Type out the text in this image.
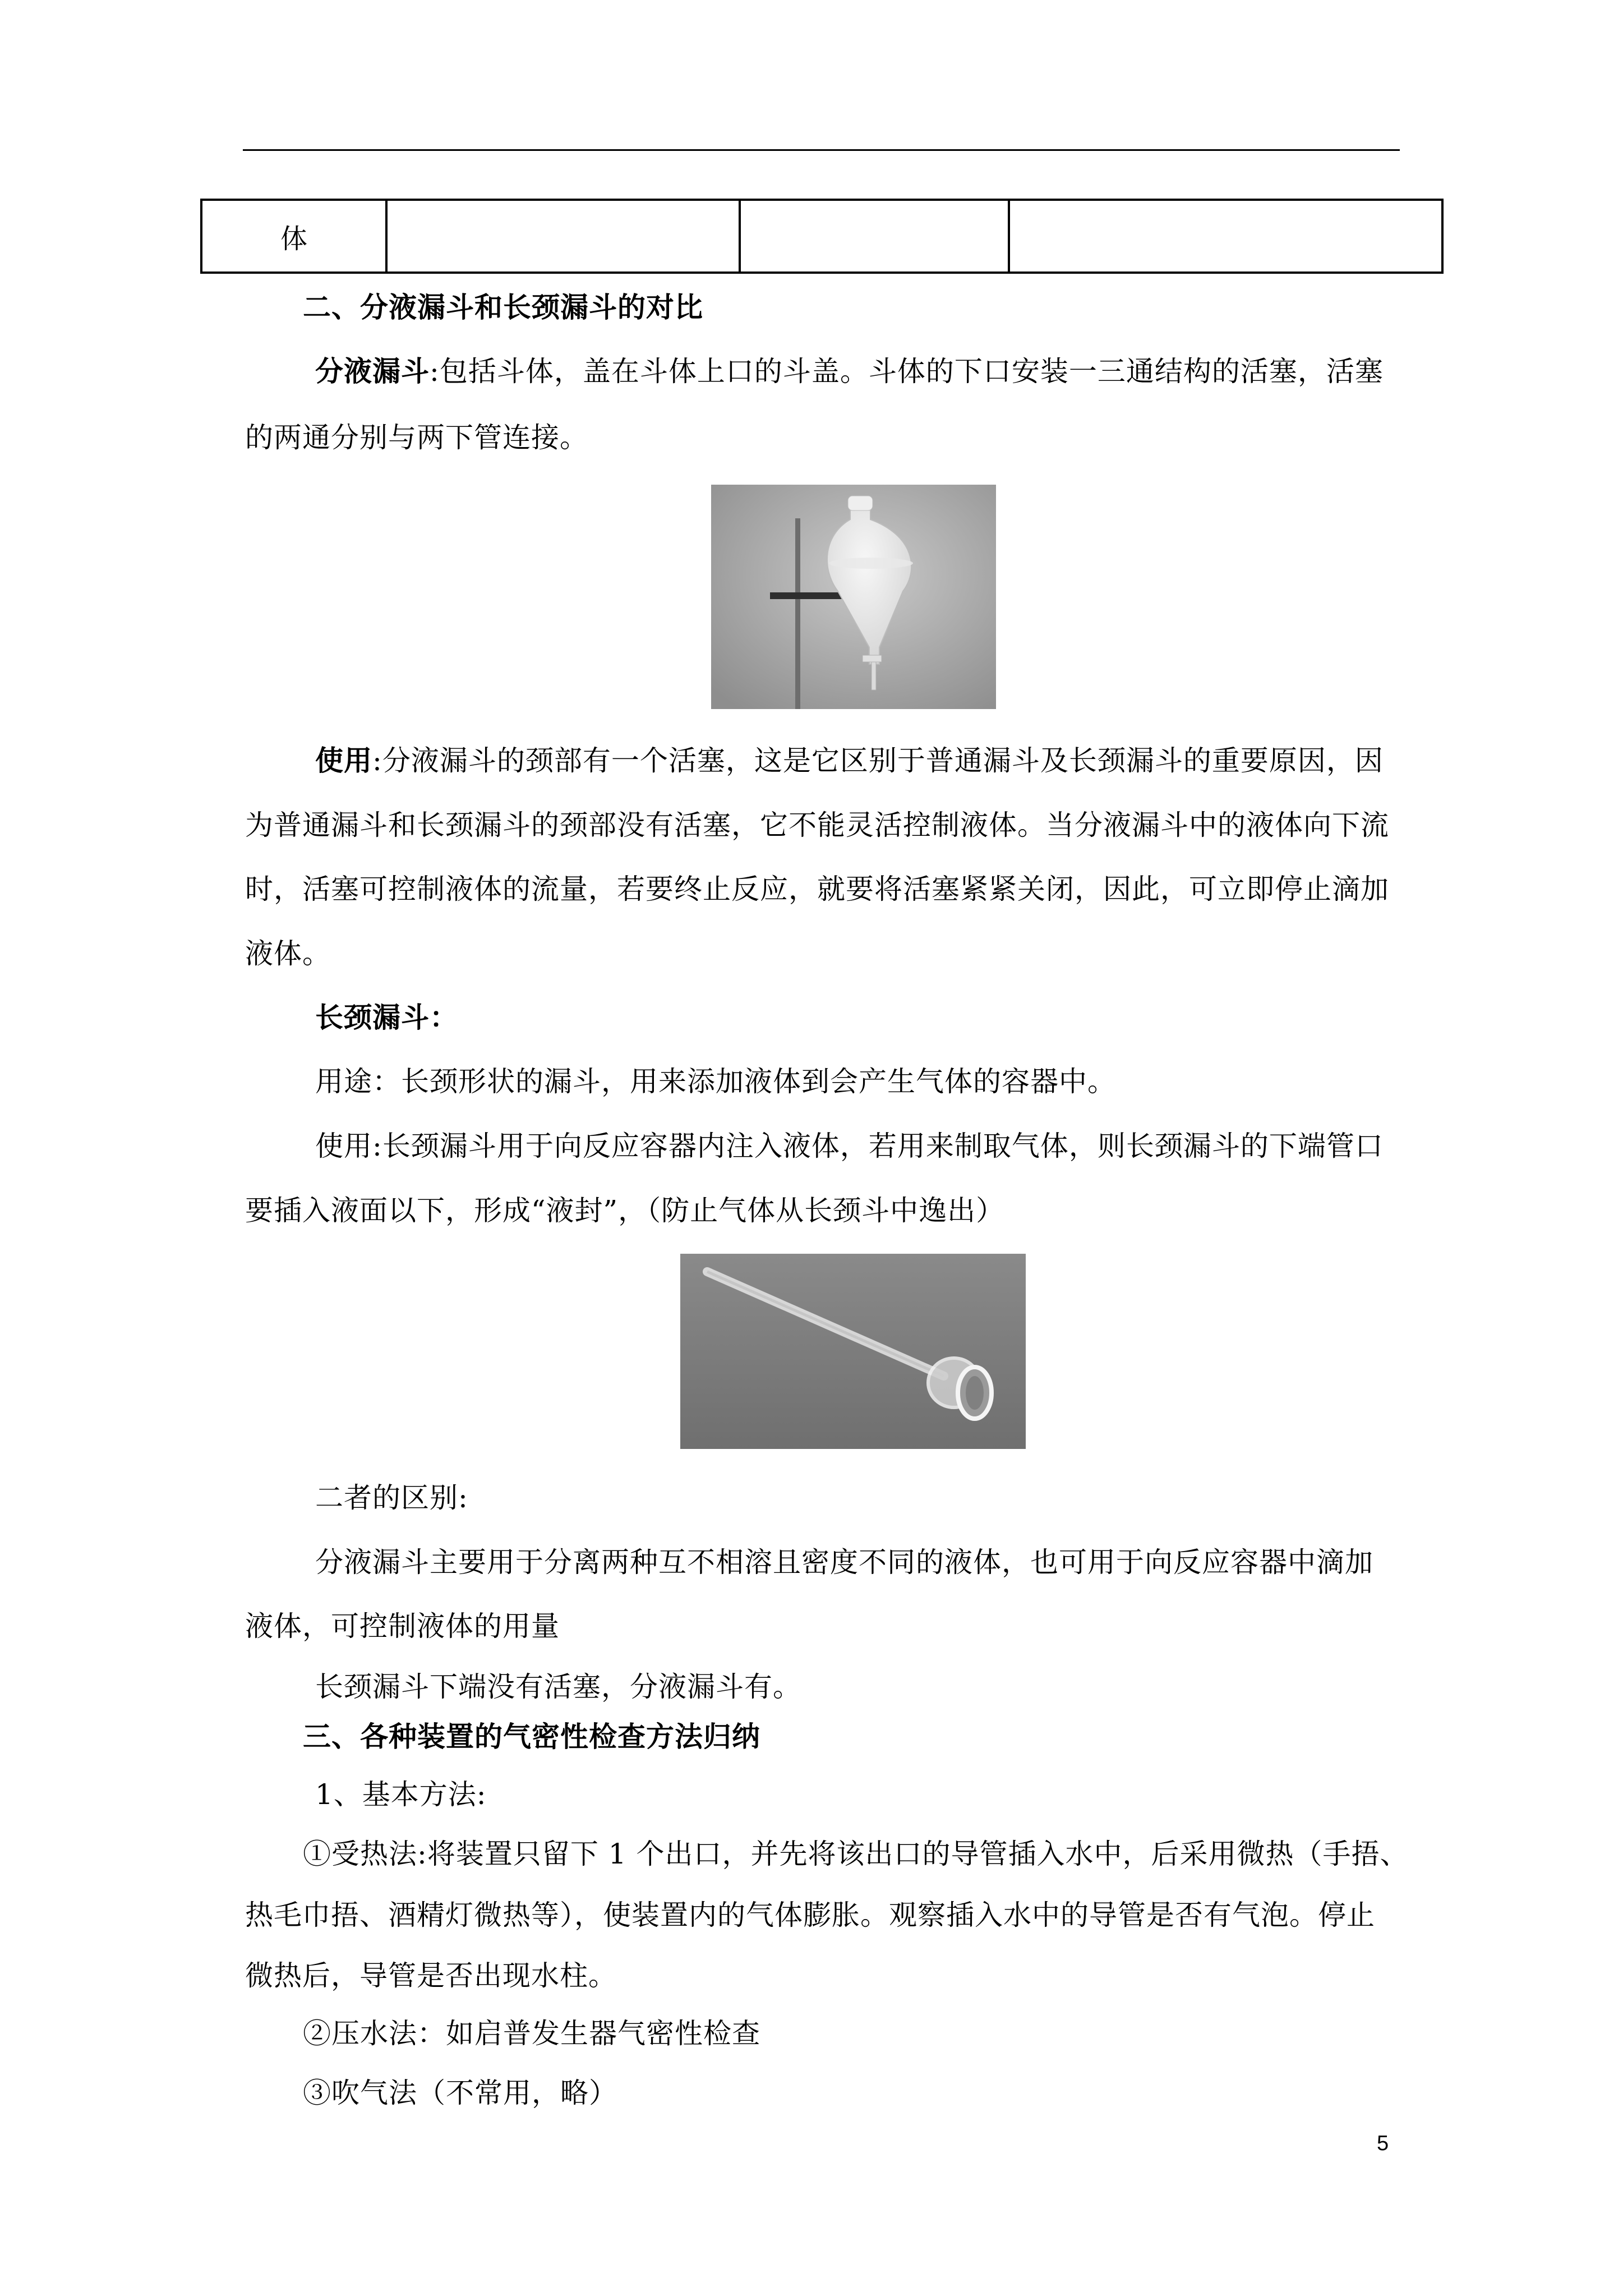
体			
二、分液漏斗和长颈漏斗的对比
分液漏斗:包括斗体，盖在斗体上口的斗盖。斗体的下口安装一三通结构的活塞，活塞
的两通分别与两下管连接。
使用:分液漏斗的颈部有一个活塞，这是它区别于普通漏斗及长颈漏斗的重要原因，因
为普通漏斗和长颈漏斗的颈部没有活塞，它不能灵活控制液体。当分液漏斗中的液体向下流
时，活塞可控制液体的流量，若要终止反应，就要将活塞紧紧关闭，因此，可立即停止滴加
液体。
长颈漏斗：
用途：长颈形状的漏斗，用来添加液体到会产生气体的容器中。
使用:长颈漏斗用于向反应容器内注入液体，若用来制取气体，则长颈漏斗的下端管口
要插入液面以下，形成“液封”，（防止气体从长颈斗中逸出）
二者的区别:
分液漏斗主要用于分离两种互不相溶且密度不同的液体，也可用于向反应容器中滴加
液体，可控制液体的用量
长颈漏斗下端没有活塞，分液漏斗有。
三、各种装置的气密性检查方法归纳
1、基本方法:
①受热法:将装置只留下 1 个出口，并先将该出口的导管插入水中，后采用微热（手捂、
热毛巾捂、酒精灯微热等），使装置内的气体膨胀。观察插入水中的导管是否有气泡。停止
微热后，导管是否出现水柱。
②压水法：如启普发生器气密性检查
③吹气法（不常用，略）
5
